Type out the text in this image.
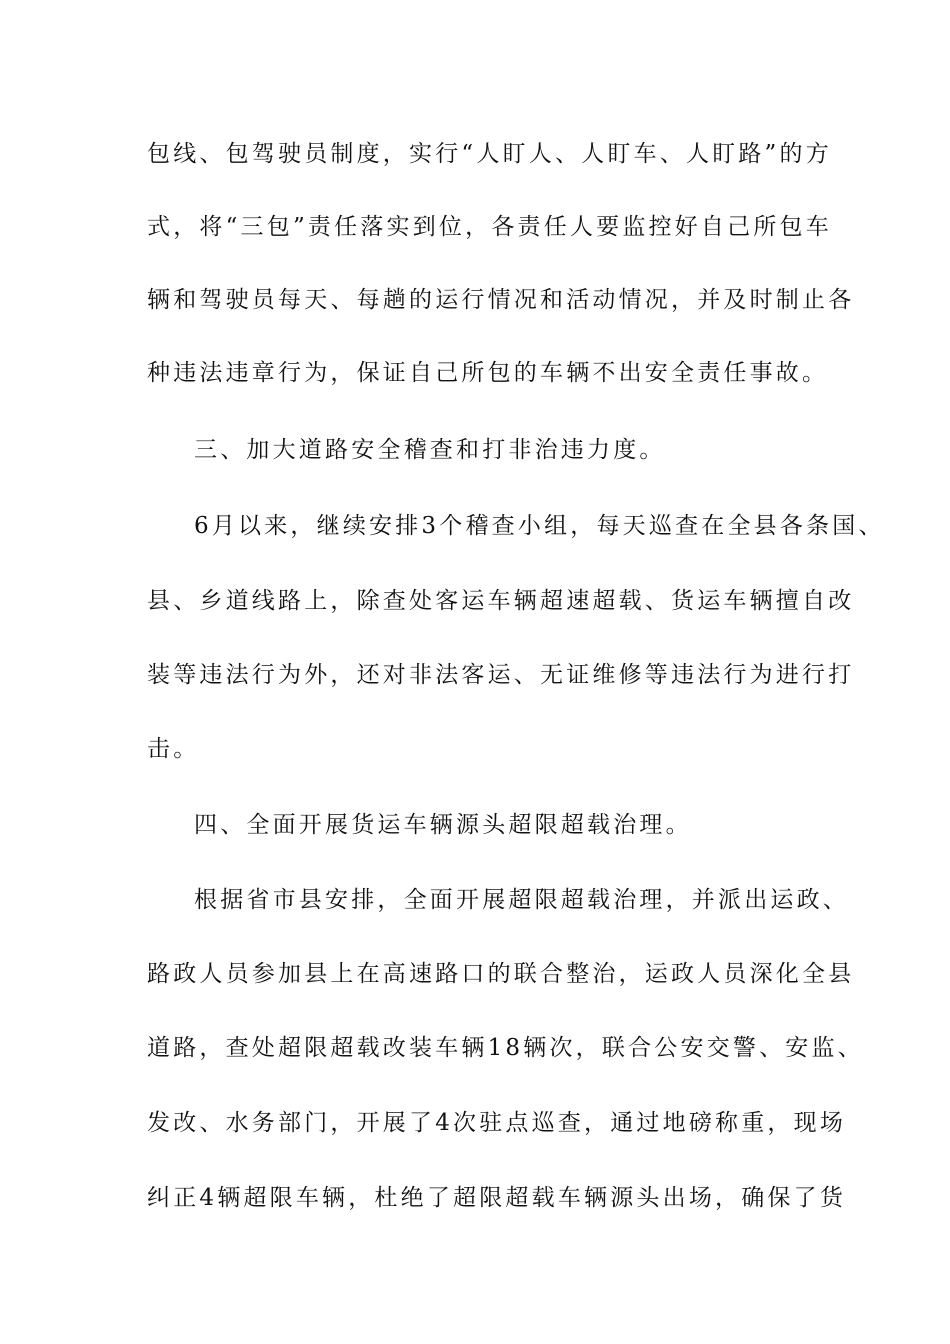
包线、包驾驶员制度，实行“人盯人、人盯车、人盯路”的方
式，将“三包”责任落实到位，各责任人要监控好自己所包车
辆和驾驶员每天、每趟的运行情况和活动情况，并及时制止各
种违法违章行为，保证自己所包的车辆不出安全责任事故。
三、加大道路安全稽查和打非治违力度。
6月以来，继续安排3个稽查小组，每天巡查在全县各条国、
县、乡道线路上，除查处客运车辆超速超载、货运车辆擅自改
装等违法行为外，还对非法客运、无证维修等违法行为进行打
击。
四、全面开展货运车辆源头超限超载治理。
根据省市县安排，全面开展超限超载治理，并派出运政、
路政人员参加县上在高速路口的联合整治，运政人员深化全县
道路，查处超限超载改装车辆18辆次，联合公安交警、安监、
发改、水务部门，开展了4次驻点巡查，通过地磅称重，现场
纠正4辆超限车辆，杜绝了超限超载车辆源头出场，确保了货
